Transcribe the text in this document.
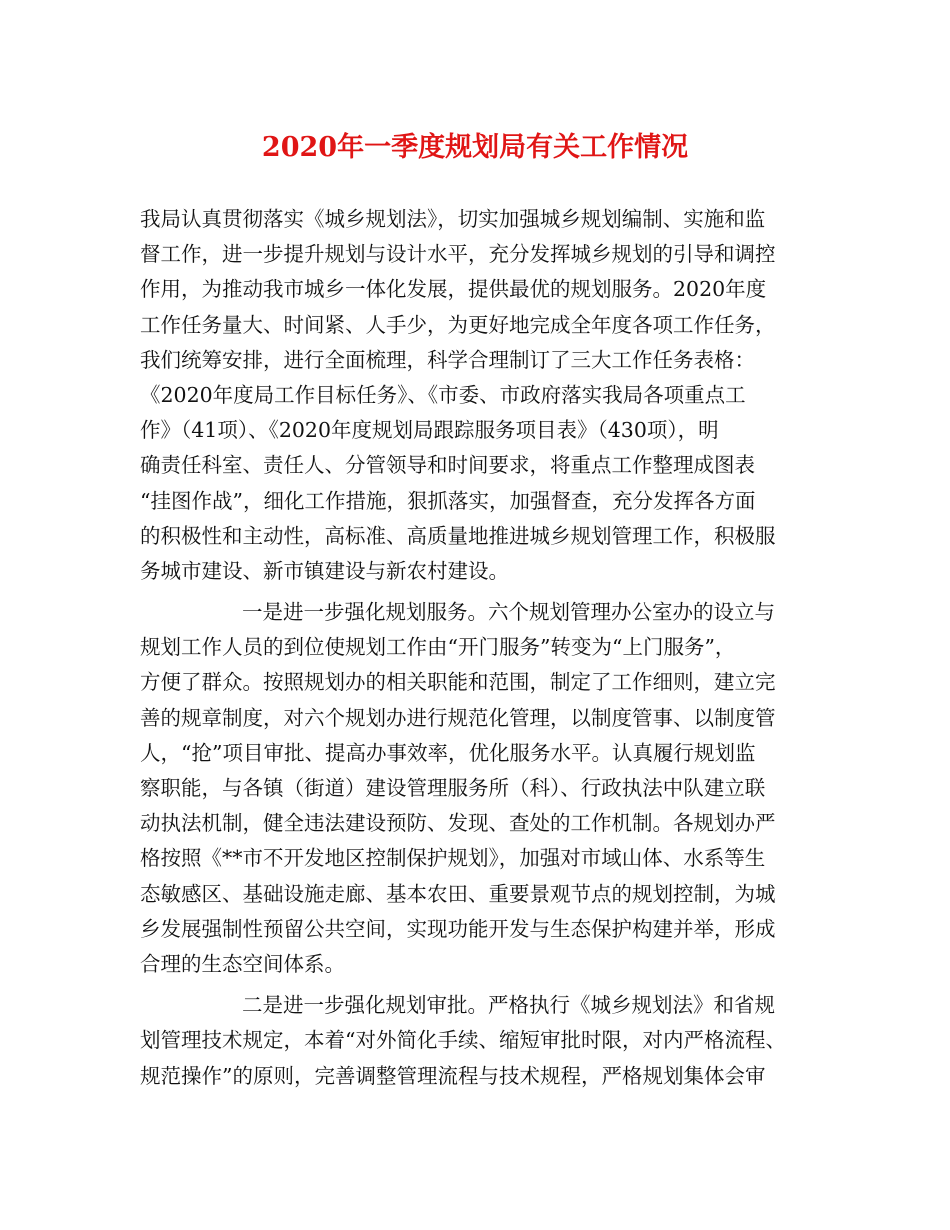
2020年一季度规划局有关工作情况
我局认真贯彻落实《城乡规划法》，切实加强城乡规划编制、实施和监
督工作，进一步提升规划与设计水平，充分发挥城乡规划的引导和调控
作用，为推动我市城乡一体化发展，提供最优的规划服务。2020年度
工作任务量大、时间紧、人手少，为更好地完成全年度各项工作任务，
我们统筹安排，进行全面梳理，科学合理制订了三大工作任务表格：
《2020年度局工作目标任务》、《市委、市政府落实我局各项重点工
作》（41项）、《2020年度规划局跟踪服务项目表》（430项），明
确责任科室、责任人、分管领导和时间要求，将重点工作整理成图表
“挂图作战”，细化工作措施，狠抓落实，加强督查，充分发挥各方面
的积极性和主动性，高标准、高质量地推进城乡规划管理工作，积极服
务城市建设、新市镇建设与新农村建设。
一是进一步强化规划服务。六个规划管理办公室办的设立与
规划工作人员的到位使规划工作由“开门服务”转变为“上门服务”，
方便了群众。按照规划办的相关职能和范围，制定了工作细则，建立完
善的规章制度，对六个规划办进行规范化管理，以制度管事、以制度管
人，“抢”项目审批、提高办事效率，优化服务水平。认真履行规划监
察职能，与各镇（街道）建设管理服务所（科）、行政执法中队建立联
动执法机制，健全违法建设预防、发现、查处的工作机制。各规划办严
格按照《**市不开发地区控制保护规划》，加强对市域山体、水系等生
态敏感区、基础设施走廊、基本农田、重要景观节点的规划控制，为城
乡发展强制性预留公共空间，实现功能开发与生态保护构建并举，形成
合理的生态空间体系。
二是进一步强化规划审批。严格执行《城乡规划法》和省规
划管理技术规定，本着“对外简化手续、缩短审批时限，对内严格流程、
规范操作”的原则，完善调整管理流程与技术规程，严格规划集体会审
